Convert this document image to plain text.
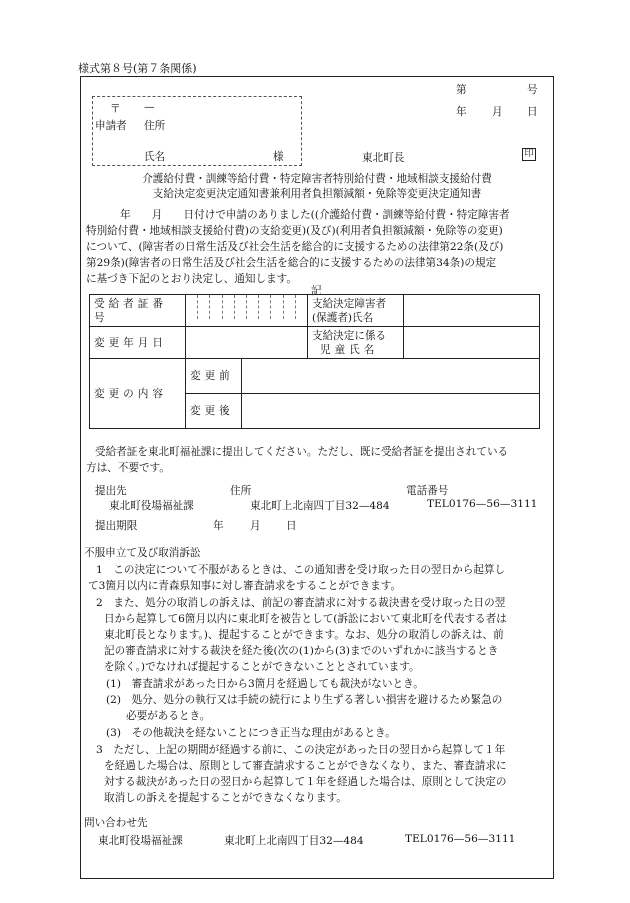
様式第８号(第７条関係)
第	号
年 月 日
〒 —
申請者 住所
氏名	様	東北町長	印
介護給付費・訓練等給付費・特定障害者特別給付費・地域相談支援給付費
支給決定変更決定通知書兼利用者負担額減額・免除等変更決定通知書
年　　月　　日付けで申請のありました((介護給付費・訓練等給付費・特定障害者
特別給付費・地域相談支援給付費)の支給変更)(及び)(利用者負担額減額・免除等の変更)
について、(障害者の日常生活及び社会生活を総合的に支援するための法律第22条(及び)
第29条)(障害者の日常生活及び社会生活を総合的に支援するための法律第34条)の規定
に基づき下記のとおり決定し、通知します。
記
受給者証番号			支給決定障害者
(保護者)氏名	

変更年月日			支給決定に係る
児童氏名	

変更の内容	変更前			
	変更後			
受給者証を東北町福祉課に提出してください。ただし、既に受給者証を提出されている
方は、不要です。
提出先	住所	電話番号
東北町役場福祉課	東北町上北南四丁目32—484	TEL0176—56—3111
提出期限	年 月 日
不服申立て及び取消訴訟
1　この決定について不服があるときは、この通知書を受け取った日の翌日から起算し
て3箇月以内に青森県知事に対し審査請求をすることができます。
2　また、処分の取消しの訴えは、前記の審査請求に対する裁決書を受け取った日の翌
日から起算して6箇月以内に東北町を被告として(訴訟において東北町を代表する者は
東北町長となります。)、提起することができます。なお、処分の取消しの訴えは、前
記の審査請求に対する裁決を経た後(次の(1)から(3)までのいずれかに該当するとき
を除く。)でなければ提起することができないこととされています。
(1)　審査請求があった日から3箇月を経過しても裁決がないとき。
(2)　処分、処分の執行又は手続の続行により生ずる著しい損害を避けるため緊急の
必要があるとき。
(3)　その他裁決を経ないことにつき正当な理由があるとき。
3　ただし、上記の期間が経過する前に、この決定があった日の翌日から起算して１年
を経過した場合は、原則として審査請求することができなくなり、また、審査請求に
対する裁決があった日の翌日から起算して１年を経過した場合は、原則として決定の
取消しの訴えを提起することができなくなります。
問い合わせ先
東北町役場福祉課	東北町上北南四丁目32—484	TEL0176—56—3111
